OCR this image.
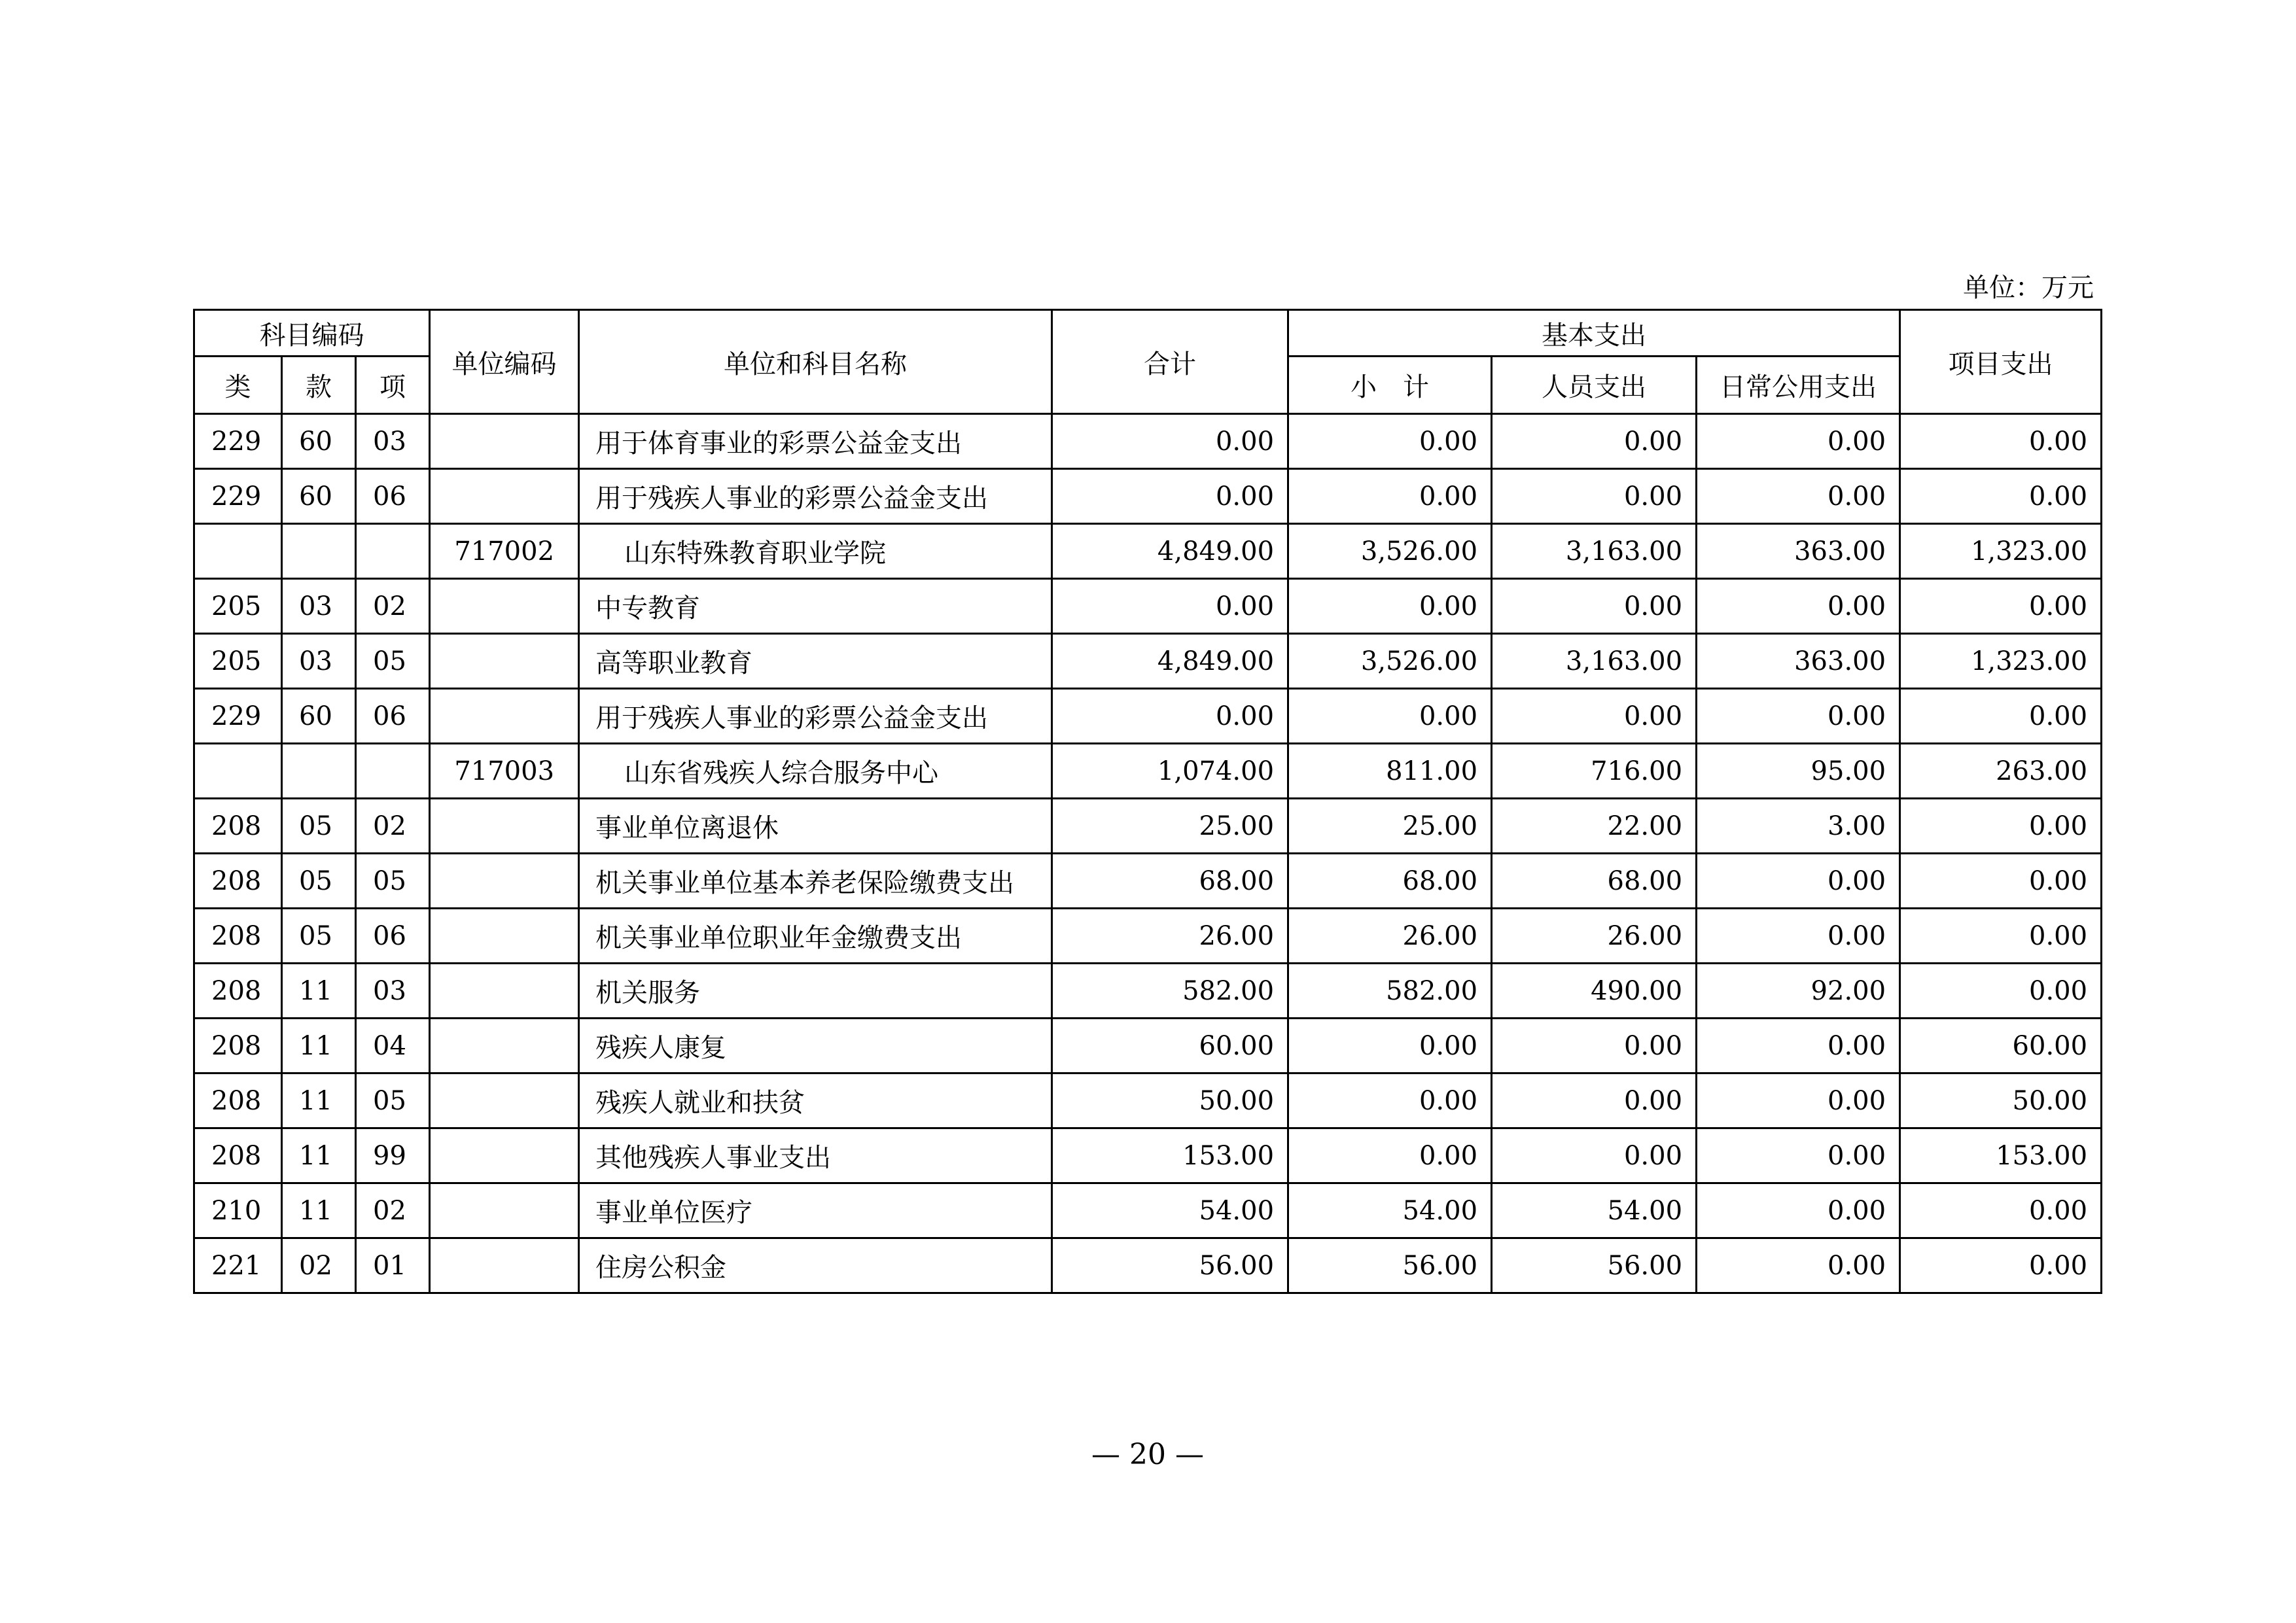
单位：万元
科目编码			单位编码	单位和科目名称	合计	基本支出			项目支出
						小　计	人员支出	日常公用支出	
类	款	项							
229	60	03		用于体育事业的彩票公益金支出	0.00	0.00	0.00	0.00	0.00
229	60	06		用于残疾人事业的彩票公益金支出	0.00	0.00	0.00	0.00	0.00
			717002	山东特殊教育职业学院	4,849.00	3,526.00	3,163.00	363.00	1,323.00
205	03	02		中专教育	0.00	0.00	0.00	0.00	0.00
205	03	05		高等职业教育	4,849.00	3,526.00	3,163.00	363.00	1,323.00
229	60	06		用于残疾人事业的彩票公益金支出	0.00	0.00	0.00	0.00	0.00
			717003	山东省残疾人综合服务中心	1,074.00	811.00	716.00	95.00	263.00
208	05	02		事业单位离退休	25.00	25.00	22.00	3.00	0.00
208	05	05		机关事业单位基本养老保险缴费支出	68.00	68.00	68.00	0.00	0.00
208	05	06		机关事业单位职业年金缴费支出	26.00	26.00	26.00	0.00	0.00
208	11	03		机关服务	582.00	582.00	490.00	92.00	0.00
208	11	04		残疾人康复	60.00	0.00	0.00	0.00	60.00
208	11	05		残疾人就业和扶贫	50.00	0.00	0.00	0.00	50.00
208	11	99		其他残疾人事业支出	153.00	0.00	0.00	0.00	153.00
210	11	02		事业单位医疗	54.00	54.00	54.00	0.00	0.00
221	02	01		住房公积金	56.00	56.00	56.00	0.00	0.00
— 20 —
